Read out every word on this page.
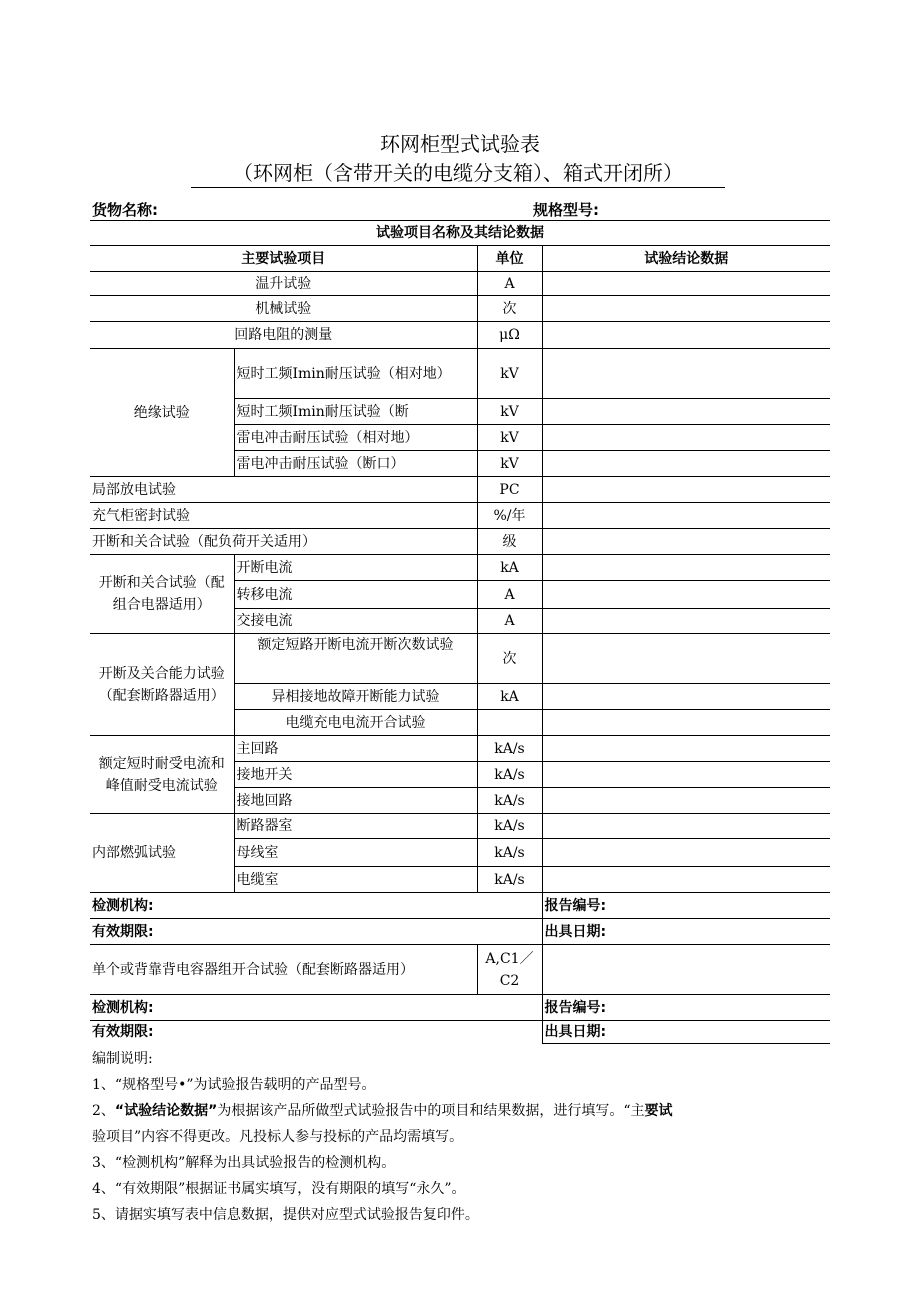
环网柜型式试验表
（环网柜（含带开关的电缆分支箱）、箱式开闭所）
货物名称:	规格型号:
试验项目名称及其结论数据			
主要试验项目		单位	试验结论数据
温升试验		A	
机械试验		次	
回路电阻的测量		μΩ	
绝缘试验	短时工频Imin耐压试验（相对地）	kV	
	短时工频Imin耐压试验（断	kV	
	雷电冲击耐压试验（相对地）	kV	
	雷电冲击耐压试验（断口）	kV	
局部放电试验		PC	
充气柜密封试验		%/年	
开断和关合试验（配负荷开关适用）		级	
开断和关合试验（配组合电器适用）	开断电流	kA	
	转移电流	A	
	交接电流	A	
开断及关合能力试验（配套断路器适用）	额定短路开断电流开断次数试验	次	
	异相接地故障开断能力试验	kA	
	电缆充电电流开合试验		
额定短时耐受电流和峰值耐受电流试验	主回路	kA/s	
	接地开关	kA/s	
	接地回路	kA/s	
内部燃弧试验	断路器室	kA/s	
	母线室	kA/s	
	电缆室	kA/s	
检测机构:			报告编号:
有效期限:			出具日期:
单个或背靠背电容器组开合试验（配套断路器适用）		A,C1／C2	
检测机构:			报告编号:
有效期限:			出具日期:

编制说明:

1、“规格型号•”为试验报告载明的产品型号。

2、“试验结论数据”为根据该产品所做型式试验报告中的项目和结果数据，进行填写。“主要试
验项目”内容不得更改。凡投标人参与投标的产品均需填写。

3、“检测机构”解释为出具试验报告的检测机构。

4、“有效期限”根据证书属实填写，没有期限的填写“永久”。

5、请据实填写表中信息数据，提供对应型式试验报告复印件。
